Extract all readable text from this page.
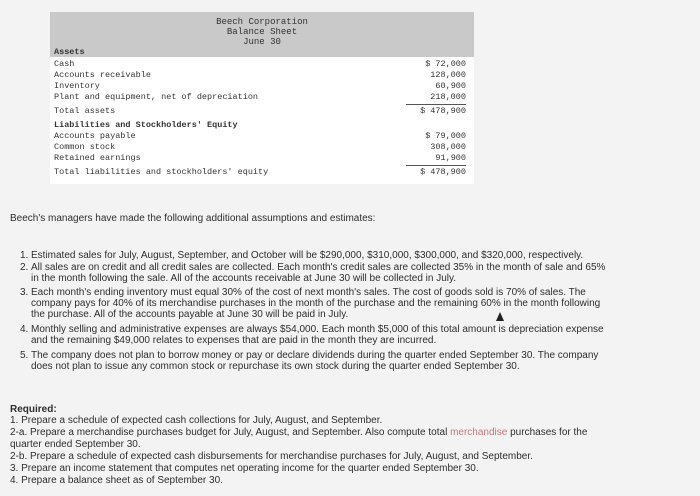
Beech Corporation
Balance Sheet
June 30
Assets
Cash	$ 72,000
Accounts receivable	128,000
Inventory	60,900
Plant and equipment, net of depreciation	218,000
Total assets	$ 478,900
Liabilities and Stockholders' Equity
Accounts payable	$ 79,000
Common stock	308,000
Retained earnings	91,900
Total liabilities and stockholders' equity	$ 478,900
Beech's managers have made the following additional assumptions and estimates:
1. Estimated sales for July, August, September, and October will be $290,000, $310,000, $300,000, and $320,000, respectively.
2. All sales are on credit and all credit sales are collected. Each month's credit sales are collected 35% in the month of sale and 65%
in the month following the sale. All of the accounts receivable at June 30 will be collected in July.
3. Each month's ending inventory must equal 30% of the cost of next month's sales. The cost of goods sold is 70% of sales. The
company pays for 40% of its merchandise purchases in the month of the purchase and the remaining 60% in the month following
the purchase. All of the accounts payable at June 30 will be paid in July.
4. Monthly selling and administrative expenses are always $54,000. Each month $5,000 of this total amount is depreciation expense
and the remaining $49,000 relates to expenses that are paid in the month they are incurred.
5. The company does not plan to borrow money or pay or declare dividends during the quarter ended September 30. The company
does not plan to issue any common stock or repurchase its own stock during the quarter ended September 30.
Required:
1. Prepare a schedule of expected cash collections for July, August, and September.
2-a. Prepare a merchandise purchases budget for July, August, and September. Also compute total merchandise purchases for the
quarter ended September 30.
2-b. Prepare a schedule of expected cash disbursements for merchandise purchases for July, August, and September.
3. Prepare an income statement that computes net operating income for the quarter ended September 30.
4. Prepare a balance sheet as of September 30.
